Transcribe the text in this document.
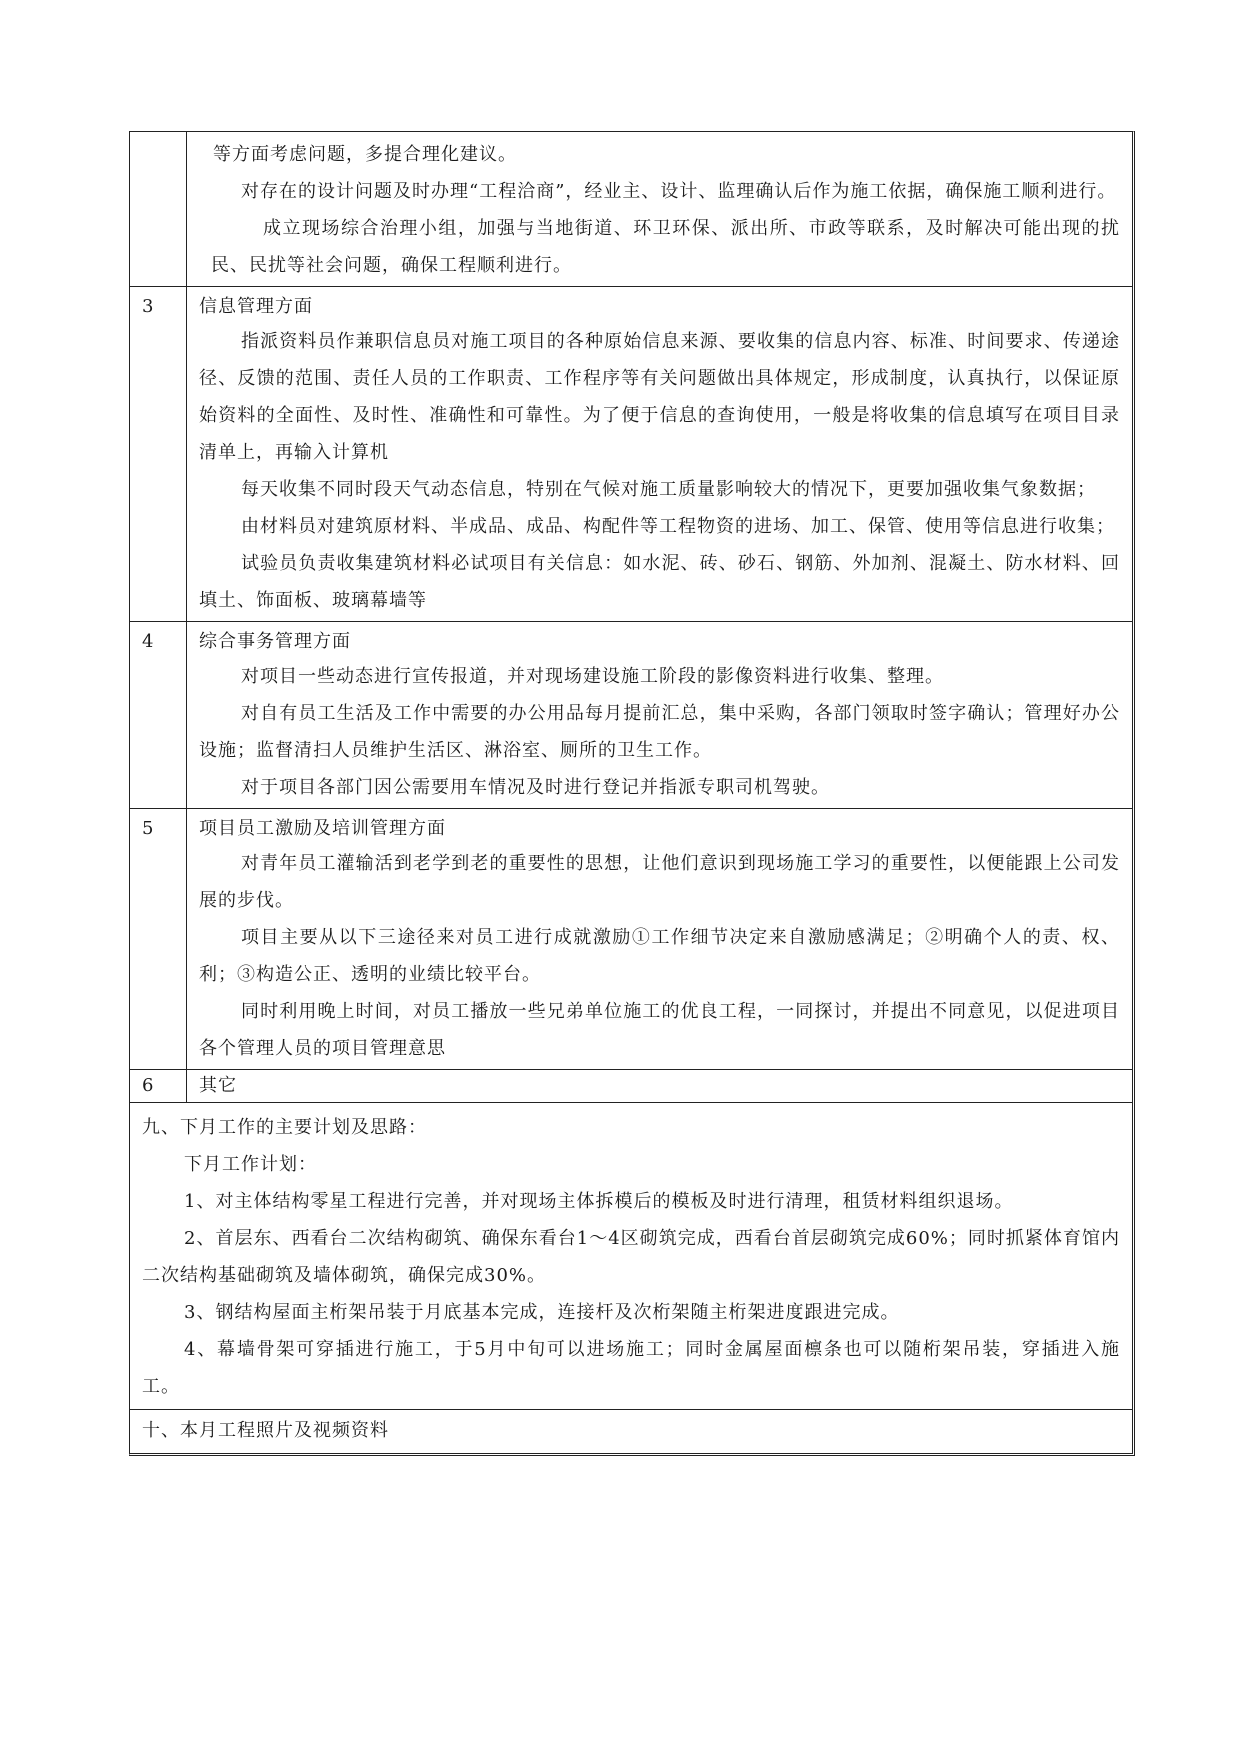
等方面考虑问题，多提合理化建议。

对存在的设计问题及时办理“工程洽商”，经业主、设计、监理确认后作为施工依据，确保施工顺利进行。

成立现场综合治理小组，加强与当地街道、环卫环保、派出所、市政等联系，及时解决可能出现的扰民、民扰等社会问题，确保工程顺利进行。

3	信息管理方面

指派资料员作兼职信息员对施工项目的各种原始信息来源、要收集的信息内容、标准、时间要求、传递途径、反馈的范围、责任人员的工作职责、工作程序等有关问题做出具体规定，形成制度，认真执行，以保证原始资料的全面性、及时性、准确性和可靠性。为了便于信息的查询使用，一般是将收集的信息填写在项目目录清单上，再输入计算机

每天收集不同时段天气动态信息，特别在气候对施工质量影响较大的情况下，更要加强收集气象数据；

由材料员对建筑原材料、半成品、成品、构配件等工程物资的进场、加工、保管、使用等信息进行收集；

试验员负责收集建筑材料必试项目有关信息：如水泥、砖、砂石、钢筋、外加剂、混凝土、防水材料、回填土、饰面板、玻璃幕墙等

4	综合事务管理方面

对项目一些动态进行宣传报道，并对现场建设施工阶段的影像资料进行收集、整理。

对自有员工生活及工作中需要的办公用品每月提前汇总，集中采购，各部门领取时签字确认；管理好办公设施；监督清扫人员维护生活区、淋浴室、厕所的卫生工作。

对于项目各部门因公需要用车情况及时进行登记并指派专职司机驾驶。

5	项目员工激励及培训管理方面

对青年员工灌输活到老学到老的重要性的思想，让他们意识到现场施工学习的重要性，以便能跟上公司发展的步伐。

项目主要从以下三途径来对员工进行成就激励①工作细节决定来自激励感满足；②明确个人的责、权、利；③构造公正、透明的业绩比较平台。

同时利用晚上时间，对员工播放一些兄弟单位施工的优良工程，一同探讨，并提出不同意见，以促进项目各个管理人员的项目管理意思

6	其它

九、下月工作的主要计划及思路：

下月工作计划：

1、对主体结构零星工程进行完善，并对现场主体拆模后的模板及时进行清理，租赁材料组织退场。

2、首层东、西看台二次结构砌筑、确保东看台1～4区砌筑完成，西看台首层砌筑完成60%；同时抓紧体育馆内二次结构基础砌筑及墙体砌筑，确保完成30%。

3、钢结构屋面主桁架吊装于月底基本完成，连接杆及次桁架随主桁架进度跟进完成。

4、幕墙骨架可穿插进行施工，于5月中旬可以进场施工；同时金属屋面檩条也可以随桁架吊装，穿插进入施工。

十、本月工程照片及视频资料
